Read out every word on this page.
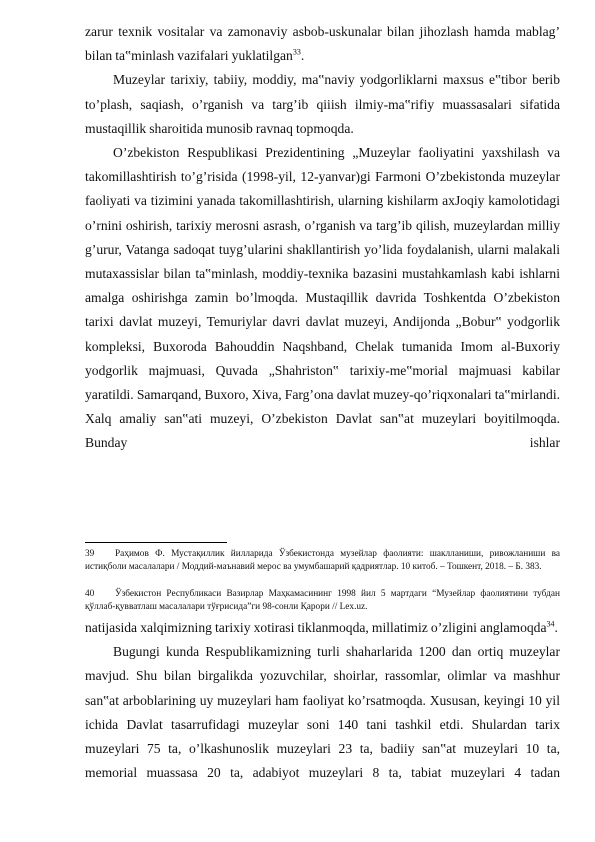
zarur texnik vositalar va zamonaviy asbob-uskunalar bilan jihozlash hamda mablag’ bilan ta‟minlash vazifalari yuklatilgan$^{33}$.

Muzeylar tarixiy, tabiiy, moddiy, ma‟naviy yodgorliklarni maxsus e‟tibor berib to’plash, saqiash, o’rganish va targ’ib qiiish ilmiy-ma‟rifiy muassasalari sifatida mustaqillik sharoitida munosib ravnaq topmoqda.

O’zbekiston Respublikasi Prezidentining „Muzeylar faoliyatini yaxshilash va takomillashtirish to’g’risida (1998-yil, 12-yanvar)gi Farmoni O’zbekistonda muzeylar faoliyati va tizimini yanada takomillashtirish, ularning kishilarm axJoqiy kamolotidagi o’rnini oshirish, tarixiy merosni asrash, o’rganish va targ’ib qilish, muzeylardan milliy g’urur, Vatanga sadoqat tuyg’ularini shakllantirish yo’lida foydalanish, ularni malakali mutaxassislar bilan ta‟minlash, moddiy-texnika bazasini mustahkamlash kabi ishlarni amalga oshirishga zamin bo’lmoqda. Mustaqillik davrida Toshkentda O’zbekiston tarixi davlat muzeyi, Temuriylar davri davlat muzeyi, Andijonda „Bobur‟ yodgorlik kompleksi, Buxoroda Bahouddin Naqshband, Chelak tumanida Imom al-Buxoriy yodgorlik majmuasi, Quvada „Shahriston‟ tarixiy-me‟morial majmuasi kabilar yaratildi. Samarqand, Buxoro, Xiva, Farg’ona davlat muzey-qo’riqxonalari ta‟mirlandi. Xalq amaliy san‟ati muzeyi, O’zbekiston Davlat san‟at muzeylari boyitilmoqda. Bunday ishlar

39 Раҳимов Ф. Мустақиллик йилларида Ўзбекистонда музейлар фаолияти: шаклланиши, ривожланиши ва истиқболи масалалари / Моддий-маънавий мерос ва умумбашарий қадриятлар. 10 китоб. – Тошкент, 2018. – Б. 383.

40 Ўзбекистон Республикаси Вазирлар Маҳкамасининг 1998 йил 5 мартдаги “Музейлар фаолиятини тубдан қўллаб-қувватлаш масалалари тўғрисида”ги 98-сонли Қарори // Lex.uz.

natijasida xalqimizning tarixiy xotirasi tiklanmoqda, millatimiz o’zligini anglamoqda$^{34}$.

Bugungi kunda Respublikamizning turli shaharlarida 1200 dan ortiq muzeylar mavjud. Shu bilan birgalikda yozuvchilar, shoirlar, rassomlar, olimlar va mashhur san‟at arboblarining uy muzeylari ham faoliyat ko’rsatmoqda. Xususan, keyingi 10 yil ichida Davlat tasarrufidagi muzeylar soni 140 tani tashkil etdi. Shulardan tarix muzeylari 75 ta, o’lkashunoslik muzeylari 23 ta, badiiy san‟at muzeylari 10 ta, memorial muassasa 20 ta, adabiyot muzeylari 8 ta, tabiat muzeylari 4 tadan
